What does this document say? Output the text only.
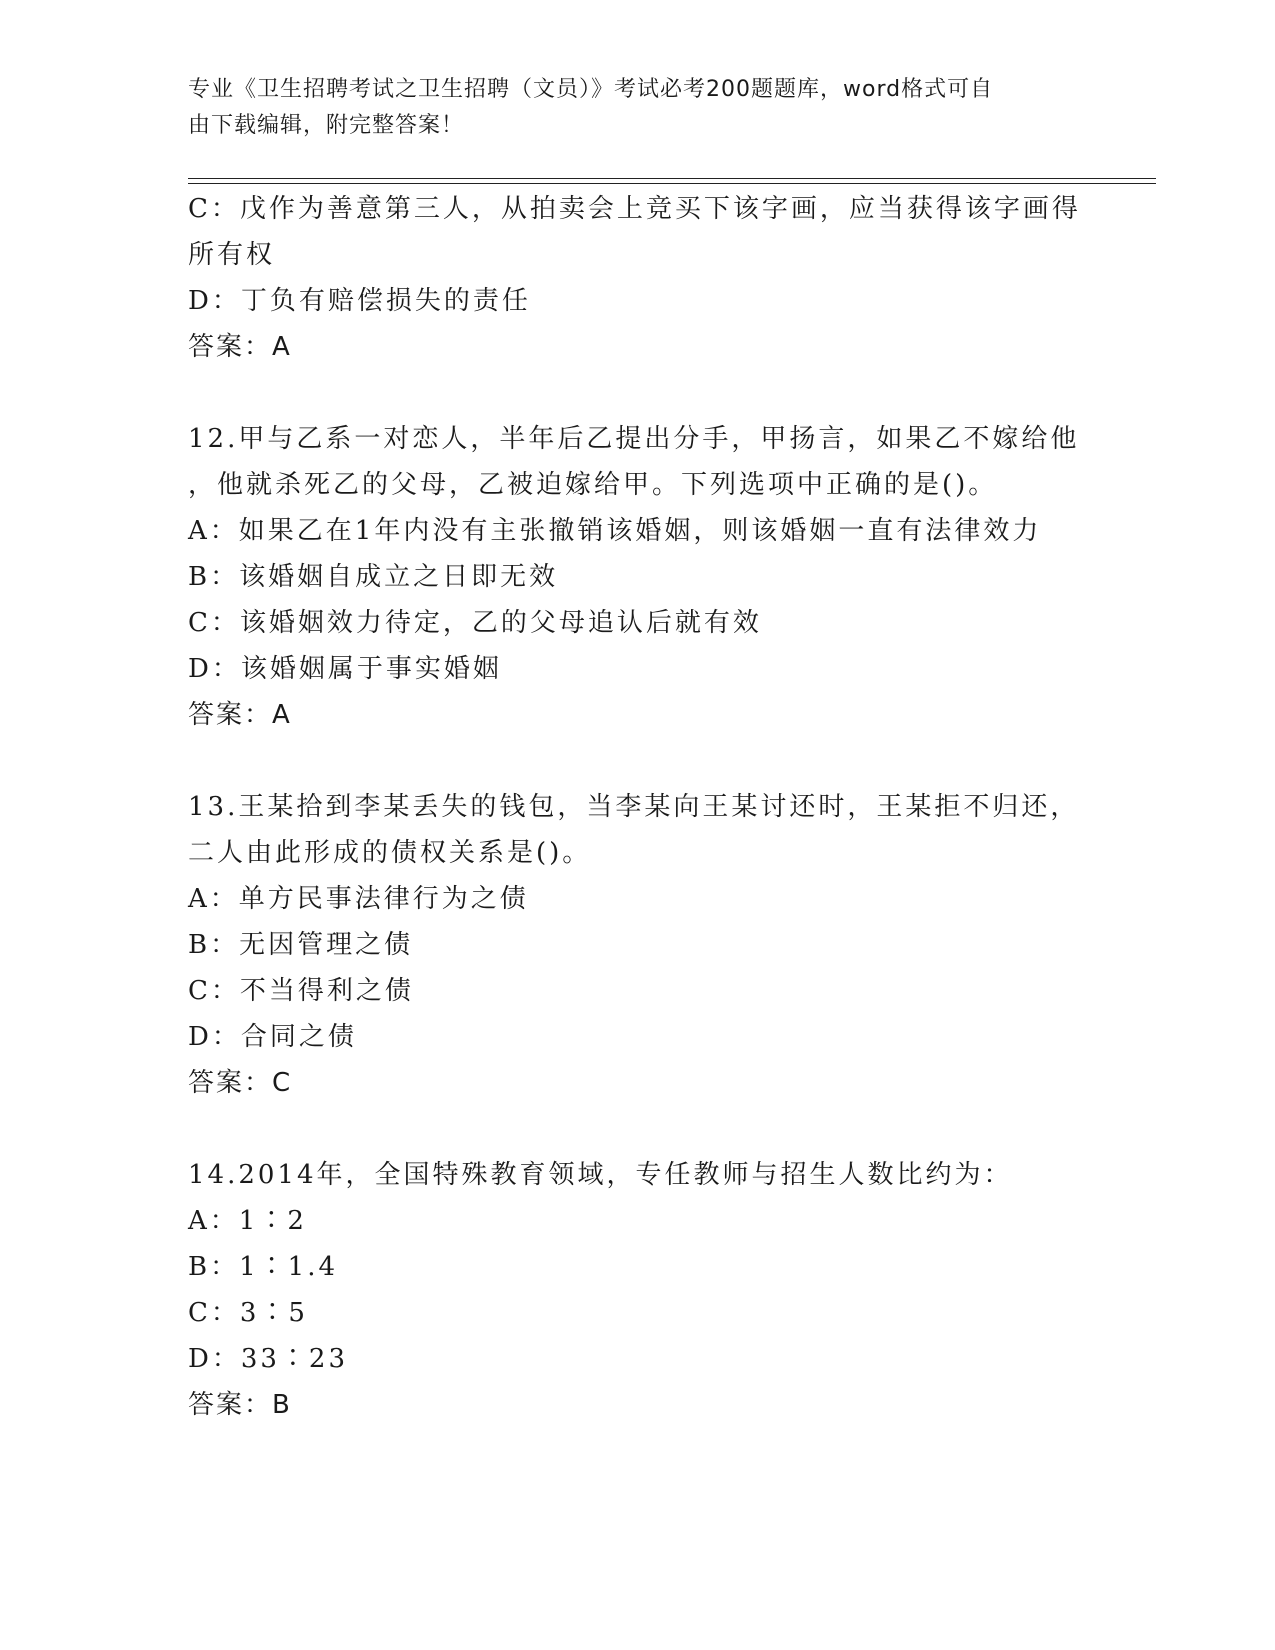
专业《卫生招聘考试之卫生招聘（文员）》考试必考200题题库，word格式可自
由下载编辑，附完整答案！
C：戊作为善意第三人，从拍卖会上竞买下该字画，应当获得该字画得
所有权
D：丁负有赔偿损失的责任
答案：A
12.甲与乙系一对恋人，半年后乙提出分手，甲扬言，如果乙不嫁给他
，他就杀死乙的父母，乙被迫嫁给甲。下列选项中正确的是()。
A：如果乙在1年内没有主张撤销该婚姻，则该婚姻一直有法律效力
B：该婚姻自成立之日即无效
C：该婚姻效力待定，乙的父母追认后就有效
D：该婚姻属于事实婚姻
答案：A
13.王某拾到李某丢失的钱包，当李某向王某讨还时，王某拒不归还，
二人由此形成的债权关系是()。
A：单方民事法律行为之债
B：无因管理之债
C：不当得利之债
D：合同之债
答案：C
14.2014年，全国特殊教育领域，专任教师与招生人数比约为：
A：1∶2
B：1∶1.4
C：3∶5
D：33∶23
答案：B
